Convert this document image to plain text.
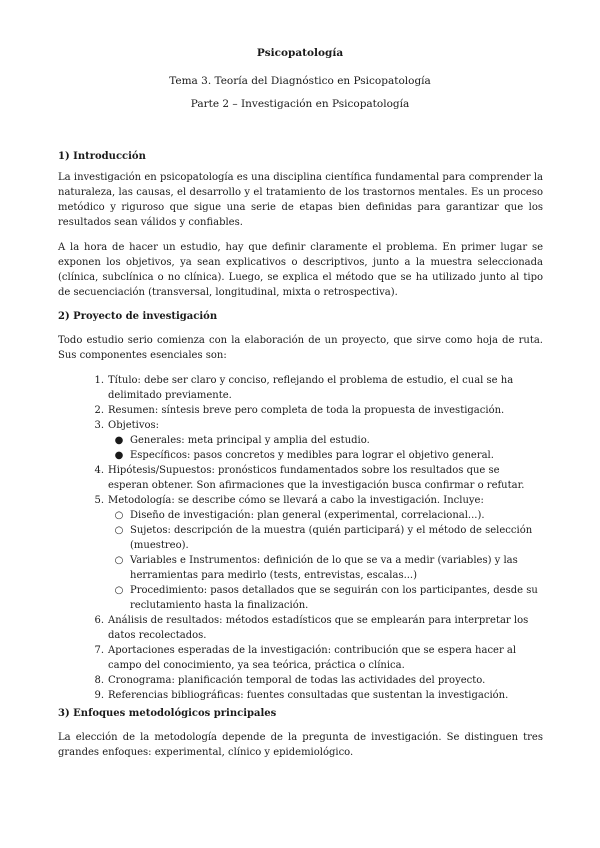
Psicopatología
Tema 3. Teoría del Diagnóstico en Psicopatología
Parte 2 – Investigación en Psicopatología
1) Introducción

La investigación en psicopatología es una disciplina científica fundamental para comprender la naturaleza, las causas, el desarrollo y el tratamiento de los trastornos mentales. Es un proceso metódico y riguroso que sigue una serie de etapas bien definidas para garantizar que los resultados sean válidos y confiables.

A la hora de hacer un estudio, hay que definir claramente el problema. En primer lugar se exponen los objetivos, ya sean explicativos o descriptivos, junto a la muestra seleccionada (clínica, subclínica o no clínica). Luego, se explica el método que se ha utilizado junto al tipo de secuenciación (transversal, longitudinal, mixta o retrospectiva).

2) Proyecto de investigación

Todo estudio serio comienza con la elaboración de un proyecto, que sirve como hoja de ruta. Sus componentes esenciales son:

1. Título: debe ser claro y conciso, reflejando el problema de estudio, el cual se ha delimitado previamente.
2. Resumen: síntesis breve pero completa de toda la propuesta de investigación.
3. Objetivos:
● Generales: meta principal y amplia del estudio.
● Específicos: pasos concretos y medibles para lograr el objetivo general.
4. Hipótesis/Supuestos: pronósticos fundamentados sobre los resultados que se esperan obtener. Son afirmaciones que la investigación busca confirmar o refutar.
5. Metodología: se describe cómo se llevará a cabo la investigación. Incluye:
○ Diseño de investigación: plan general (experimental, correlacional...).
○ Sujetos: descripción de la muestra (quién participará) y el método de selección (muestreo).
○ Variables e Instrumentos: definición de lo que se va a medir (variables) y las herramientas para medirlo (tests, entrevistas, escalas...)
○ Procedimiento: pasos detallados que se seguirán con los participantes, desde su reclutamiento hasta la finalización.
6. Análisis de resultados: métodos estadísticos que se emplearán para interpretar los datos recolectados.
7. Aportaciones esperadas de la investigación: contribución que se espera hacer al campo del conocimiento, ya sea teórica, práctica o clínica.
8. Cronograma: planificación temporal de todas las actividades del proyecto.
9. Referencias bibliográficas: fuentes consultadas que sustentan la investigación.
3) Enfoques metodológicos principales

La elección de la metodología depende de la pregunta de investigación. Se distinguen tres grandes enfoques: experimental, clínico y epidemiológico.
